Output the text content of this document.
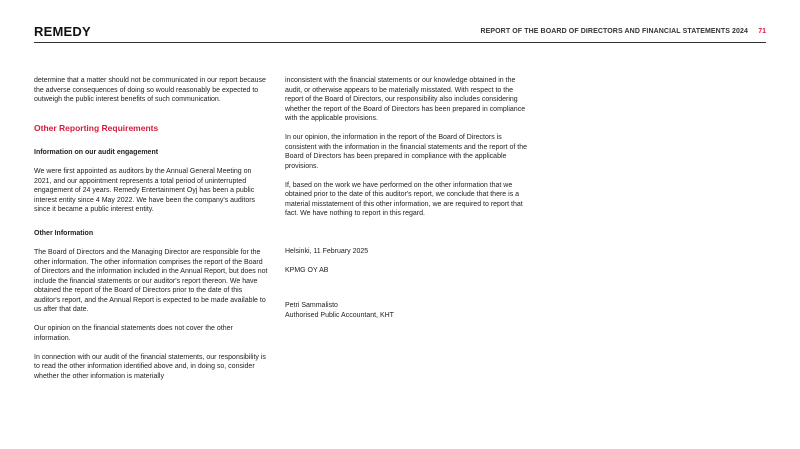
REMEDY	REPORT OF THE BOARD OF DIRECTORS AND FINANCIAL STATEMENTS 2024 71

determine that a matter should not be communicated in our report because the adverse consequences of doing so would reasonably be expected to outweigh the public interest benefits of such communication.

Other Reporting Requirements
Information on our audit engagement

We were first appointed as auditors by the Annual General Meeting on 2021, and our appointment represents a total period of uninterrupted engagement of 24 years. Remedy Entertainment Oyj has been a public interest entity since 4 May 2022. We have been the company's auditors since it became a public interest entity.

Other Information

The Board of Directors and the Managing Director are responsible for the other information. The other information comprises the report of the Board of Directors and the information included in the Annual Report, but does not include the financial statements or our auditor's report thereon. We have obtained the report of the Board of Directors prior to the date of this auditor's report, and the Annual Report is expected to be made available to us after that date.

Our opinion on the financial statements does not cover the other information.

In connection with our audit of the financial statements, our responsibility is to read the other information identified above and, in doing so, consider whether the other information is materially

inconsistent with the financial statements or our knowledge obtained in the audit, or otherwise appears to be materially misstated. With respect to the report of the Board of Directors, our responsibility also includes considering whether the report of the Board of Directors has been prepared in compliance with the applicable provisions.

In our opinion, the information in the report of the Board of Directors is consistent with the information in the financial statements and the report of the Board of Directors has been prepared in compliance with the applicable provisions.

If, based on the work we have performed on the other information that we obtained prior to the date of this auditor's report, we conclude that there is a material misstatement of this other information, we are required to report that fact. We have nothing to report in this regard.

Helsinki, 11 February 2025

KPMG OY AB

Petri Sammalisto

Authorised Public Accountant, KHT
